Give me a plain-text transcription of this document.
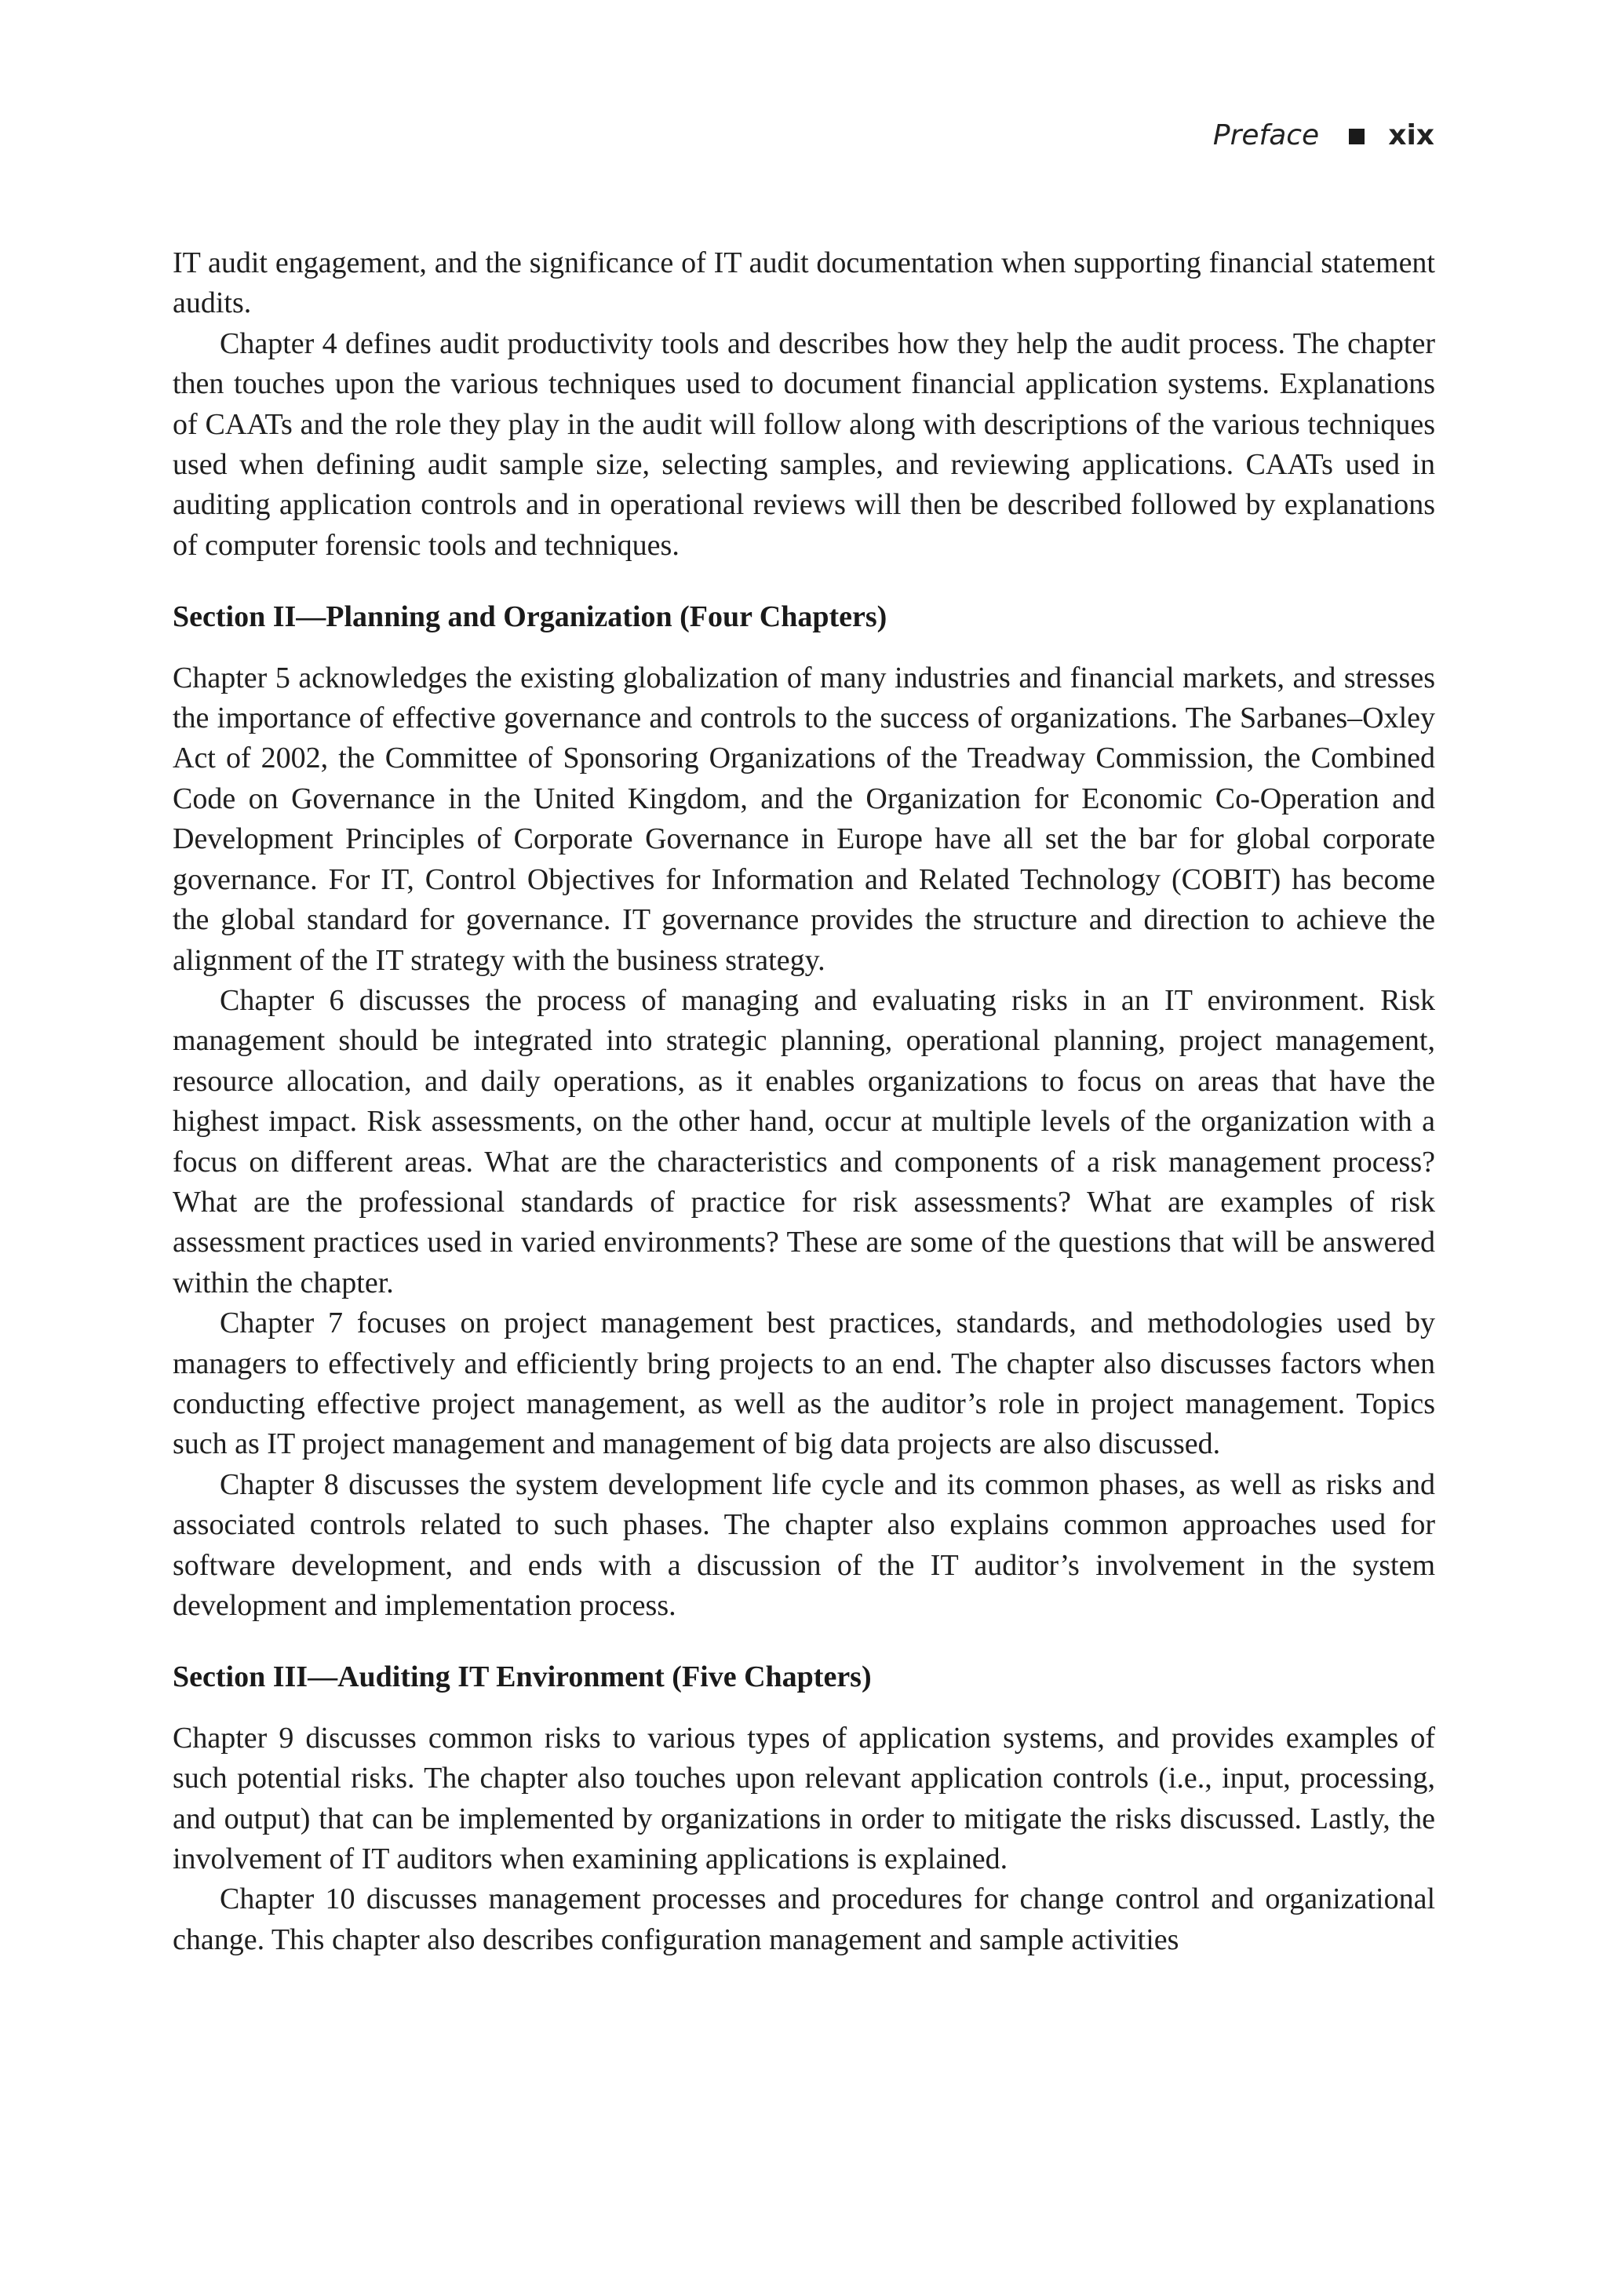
Preface xix

IT audit engagement, and the significance of IT audit documentation when supporting financial statement audits.

Chapter 4 defines audit productivity tools and describes how they help the audit process. The chapter then touches upon the various techniques used to document financial application systems. Explanations of CAATs and the role they play in the audit will follow along with descriptions of the various techniques used when defining audit sample size, selecting samples, and reviewing applications. CAATs used in auditing application controls and in operational reviews will then be described followed by explanations of computer forensic tools and techniques.

Section II—Planning and Organization (Four Chapters)

Chapter 5 acknowledges the existing globalization of many industries and financial markets, and stresses the importance of effective governance and controls to the success of organizations. The Sarbanes–Oxley Act of 2002, the Committee of Sponsoring Organizations of the Treadway Commission, the Combined Code on Governance in the United Kingdom, and the Organization for Economic Co-Operation and Development Principles of Corporate Governance in Europe have all set the bar for global corporate governance. For IT, Control Objectives for Information and Related Technology (COBIT) has become the global standard for governance. IT governance provides the structure and direction to achieve the alignment of the IT strategy with the business strategy.

Chapter 6 discusses the process of managing and evaluating risks in an IT environment. Risk management should be integrated into strategic planning, operational planning, project management, resource allocation, and daily operations, as it enables organizations to focus on areas that have the highest impact. Risk assessments, on the other hand, occur at multiple levels of the organization with a focus on different areas. What are the characteristics and components of a risk management process? What are the professional standards of practice for risk assessments? What are examples of risk assessment practices used in varied environments? These are some of the questions that will be answered within the chapter.

Chapter 7 focuses on project management best practices, standards, and methodologies used by managers to effectively and efficiently bring projects to an end. The chapter also discusses factors when conducting effective project management, as well as the auditor’s role in project management. Topics such as IT project management and management of big data projects are also discussed.

Chapter 8 discusses the system development life cycle and its common phases, as well as risks and associated controls related to such phases. The chapter also explains common approaches used for software development, and ends with a discussion of the IT auditor’s involvement in the system development and implementation process.

Section III—Auditing IT Environment (Five Chapters)

Chapter 9 discusses common risks to various types of application systems, and provides examples of such potential risks. The chapter also touches upon relevant application controls (i.e., input, processing, and output) that can be implemented by organizations in order to mitigate the risks discussed. Lastly, the involvement of IT auditors when examining applications is explained.

Chapter 10 discusses management processes and procedures for change control and organizational change. This chapter also describes configuration management and sample activities
